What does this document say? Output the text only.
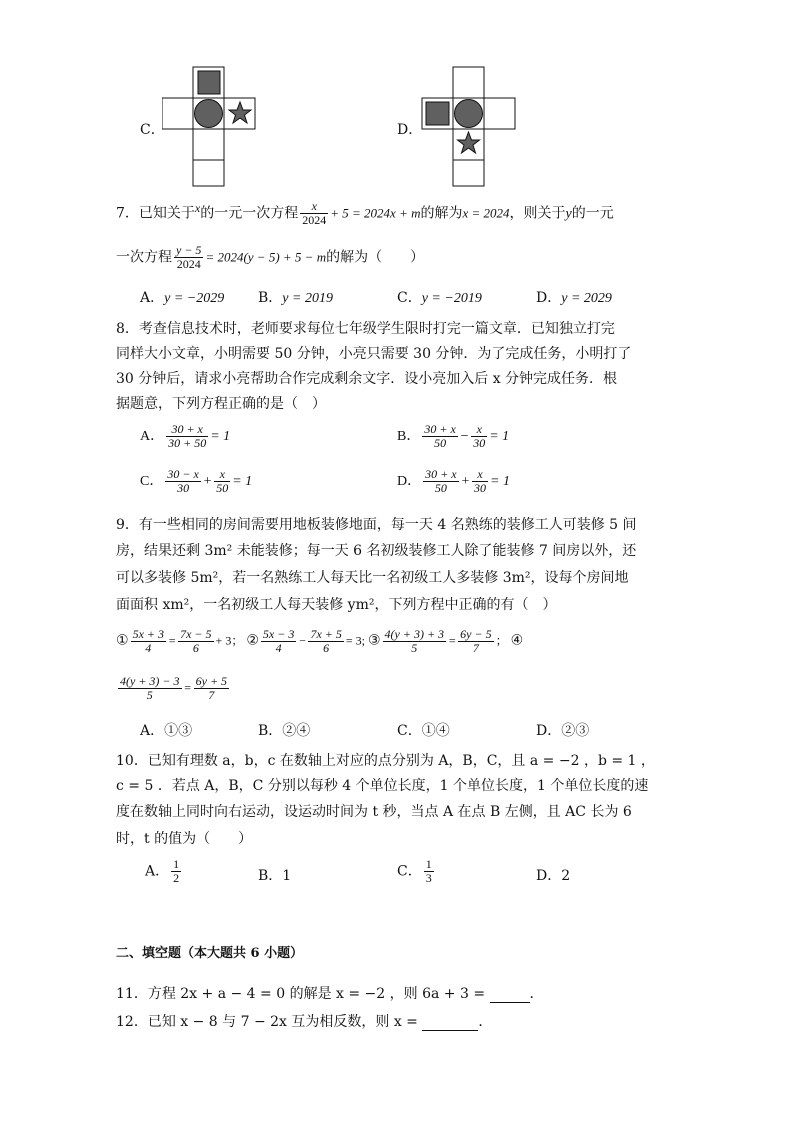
C．	D．
7．已知关于x的一元一次方程 $\frac{x}{2024} + 5 = 2024x + m$的解为x = 2024，则关于y的一元
一次方程 $\frac{y - 5}{2024} = 2024(y - 5) + 5 - m$的解为（　　）
A．y = −2029 B．y = 2019	C．y = −2019	D．y = 2029
8．考查信息技术时，老师要求每位七年级学生限时打完一篇文章．已知独立打完
同样大小文章，小明需要 50 分钟，小亮只需要 30 分钟．为了完成任务，小明打了
30 分钟后，请求小亮帮助合作完成剩余文字．设小亮加入后 x 分钟完成任务．根
据题意，下列方程正确的是（　）
A． $\frac{30 + x}{30 + 50} = 1$	B． $\frac{30 + x}{50} - \frac{x}{30} = 1$
C． $\frac{30 - x}{30} + \frac{x}{50} = 1$	D． $\frac{30 + x}{50} + \frac{x}{30} = 1$
9．有一些相同的房间需要用地板装修地面，每一天 4 名熟练的装修工人可装修 5 间
房，结果还剩 3m² 未能装修；每一天 6 名初级装修工人除了能装修 7 间房以外，还
可以多装修 5m²，若一名熟练工人每天比一名初级工人多装修 3m²，设每个房间地
面面积 xm²，一名初级工人每天装修 ym²，下列方程中正确的有（　）
① $\frac{5x + 3}{4} = \frac{7x - 5}{6} + 3$； ② $\frac{5x - 3}{4} - \frac{7x + 5}{6} = 3$; ③ $\frac{4(y + 3) + 3}{5} = \frac{6y - 5}{7}$ ； ④
$\frac{4(y + 3) - 3}{5} = \frac{6y + 5}{7}$
A．①③	B．②④	C．①④	D．②③
10．已知有理数 a，b，c 在数轴上对应的点分别为 A，B，C，且 a = −2 ，b = 1 ，
c = 5 ．若点 A，B，C 分别以每秒 4 个单位长度，1 个单位长度，1 个单位长度的速
度在数轴上同时向右运动，设运动时间为 t 秒，当点 A 在点 B 左侧，且 AC 长为 6
时，t 的值为（　　）
A． $\frac{1}{2}$	B．1	C． $\frac{1}{3}$	D．2
二、填空题（本大题共 6 小题）
11．方程 2x + a − 4 = 0 的解是 x = −2 ，则 6a + 3 =	．
12．已知 x − 8 与 7 − 2x 互为相反数，则 x =	．
